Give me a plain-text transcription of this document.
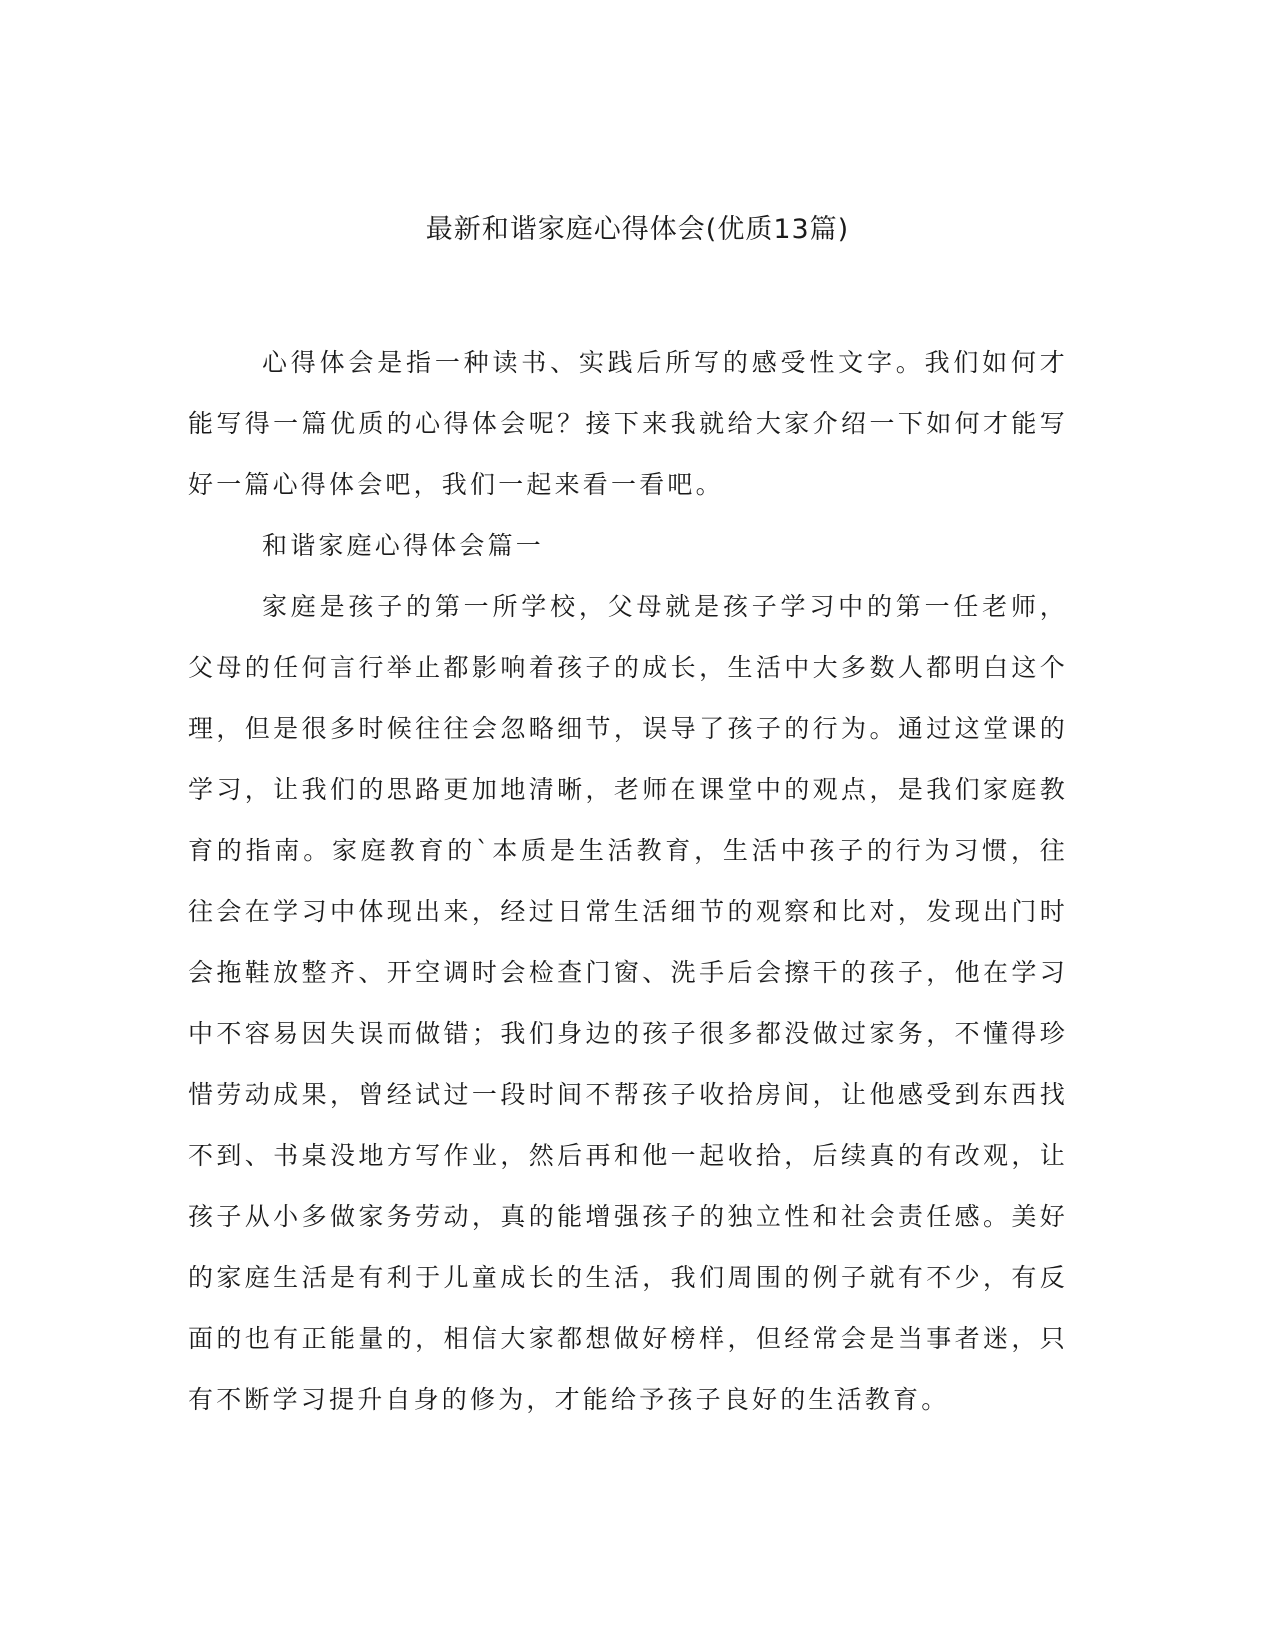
最新和谐家庭心得体会(优质13篇)

心得体会是指一种读书、实践后所写的感受性文字。我们如何才能写得一篇优质的心得体会呢？接下来我就给大家介绍一下如何才能写好一篇心得体会吧，我们一起来看一看吧。

和谐家庭心得体会篇一

家庭是孩子的第一所学校，父母就是孩子学习中的第一任老师，父母的任何言行举止都影响着孩子的成长，生活中大多数人都明白这个理，但是很多时候往往会忽略细节，误导了孩子的行为。通过这堂课的学习，让我们的思路更加地清晰，老师在课堂中的观点，是我们家庭教育的指南。家庭教育的`本质是生活教育，生活中孩子的行为习惯，往往会在学习中体现出来，经过日常生活细节的观察和比对，发现出门时会拖鞋放整齐、开空调时会检查门窗、洗手后会擦干的孩子，他在学习中不容易因失误而做错；我们身边的孩子很多都没做过家务，不懂得珍惜劳动成果，曾经试过一段时间不帮孩子收拾房间，让他感受到东西找不到、书桌没地方写作业，然后再和他一起收拾，后续真的有改观，让孩子从小多做家务劳动，真的能增强孩子的独立性和社会责任感。美好的家庭生活是有利于儿童成长的生活，我们周围的例子就有不少，有反面的也有正能量的，相信大家都想做好榜样，但经常会是当事者迷，只有不断学习提升自身的修为，才能给予孩子良好的生活教育。
